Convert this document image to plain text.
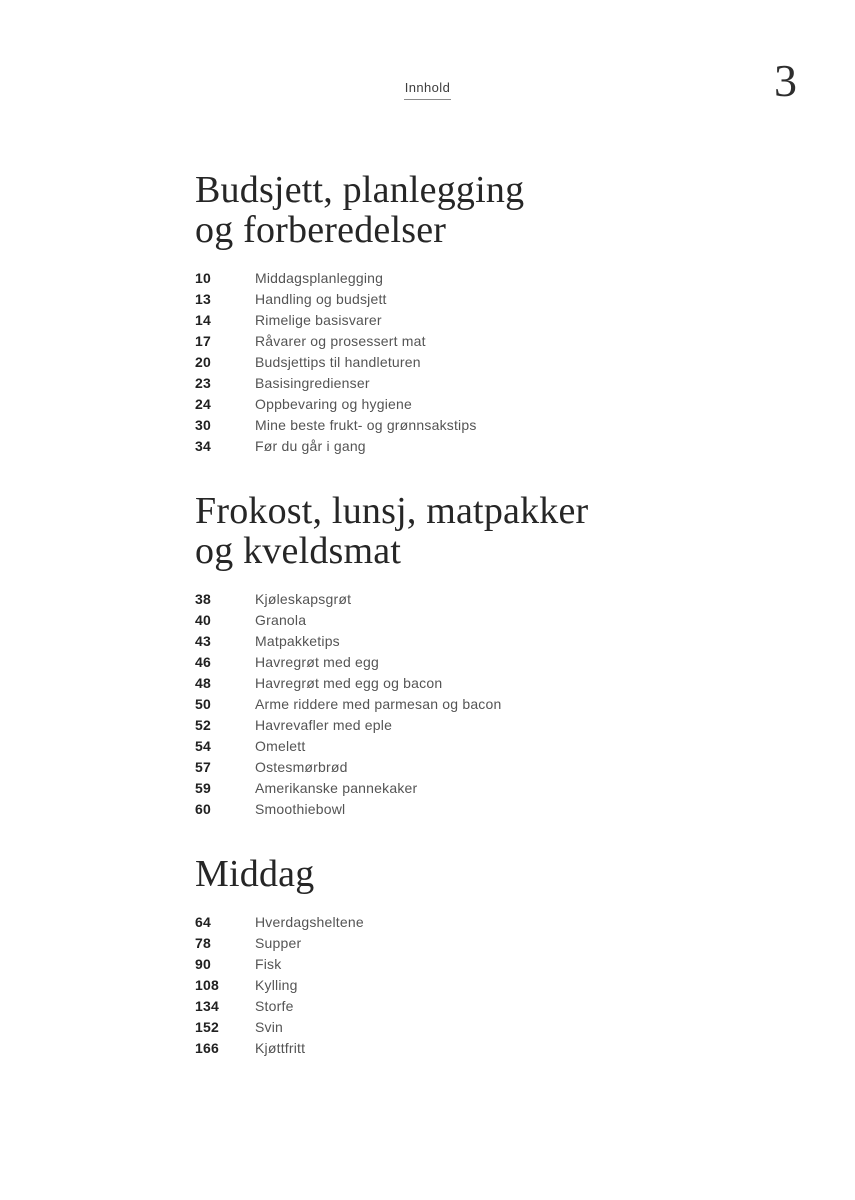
Innhold	3
Budsjett, planlegging
og forberedelser
10	Middagsplanlegging
13	Handling og budsjett
14	Rimelige basisvarer
17	Råvarer og prosessert mat
20	Budsjettips til handleturen
23	Basisingredienser
24	Oppbevaring og hygiene
30	Mine beste frukt- og grønnsakstips
34	Før du går i gang
Frokost, lunsj, matpakker
og kveldsmat
38	Kjøleskapsgrøt
40	Granola
43	Matpakketips
46	Havregrøt med egg
48	Havregrøt med egg og bacon
50	Arme riddere med parmesan og bacon
52	Havrevafler med eple
54	Omelett
57	Ostesmørbrød
59	Amerikanske pannekaker
60	Smoothiebowl
Middag
64	Hverdagsheltene
78	Supper
90	Fisk
108	Kylling
134	Storfe
152	Svin
166	Kjøttfritt
